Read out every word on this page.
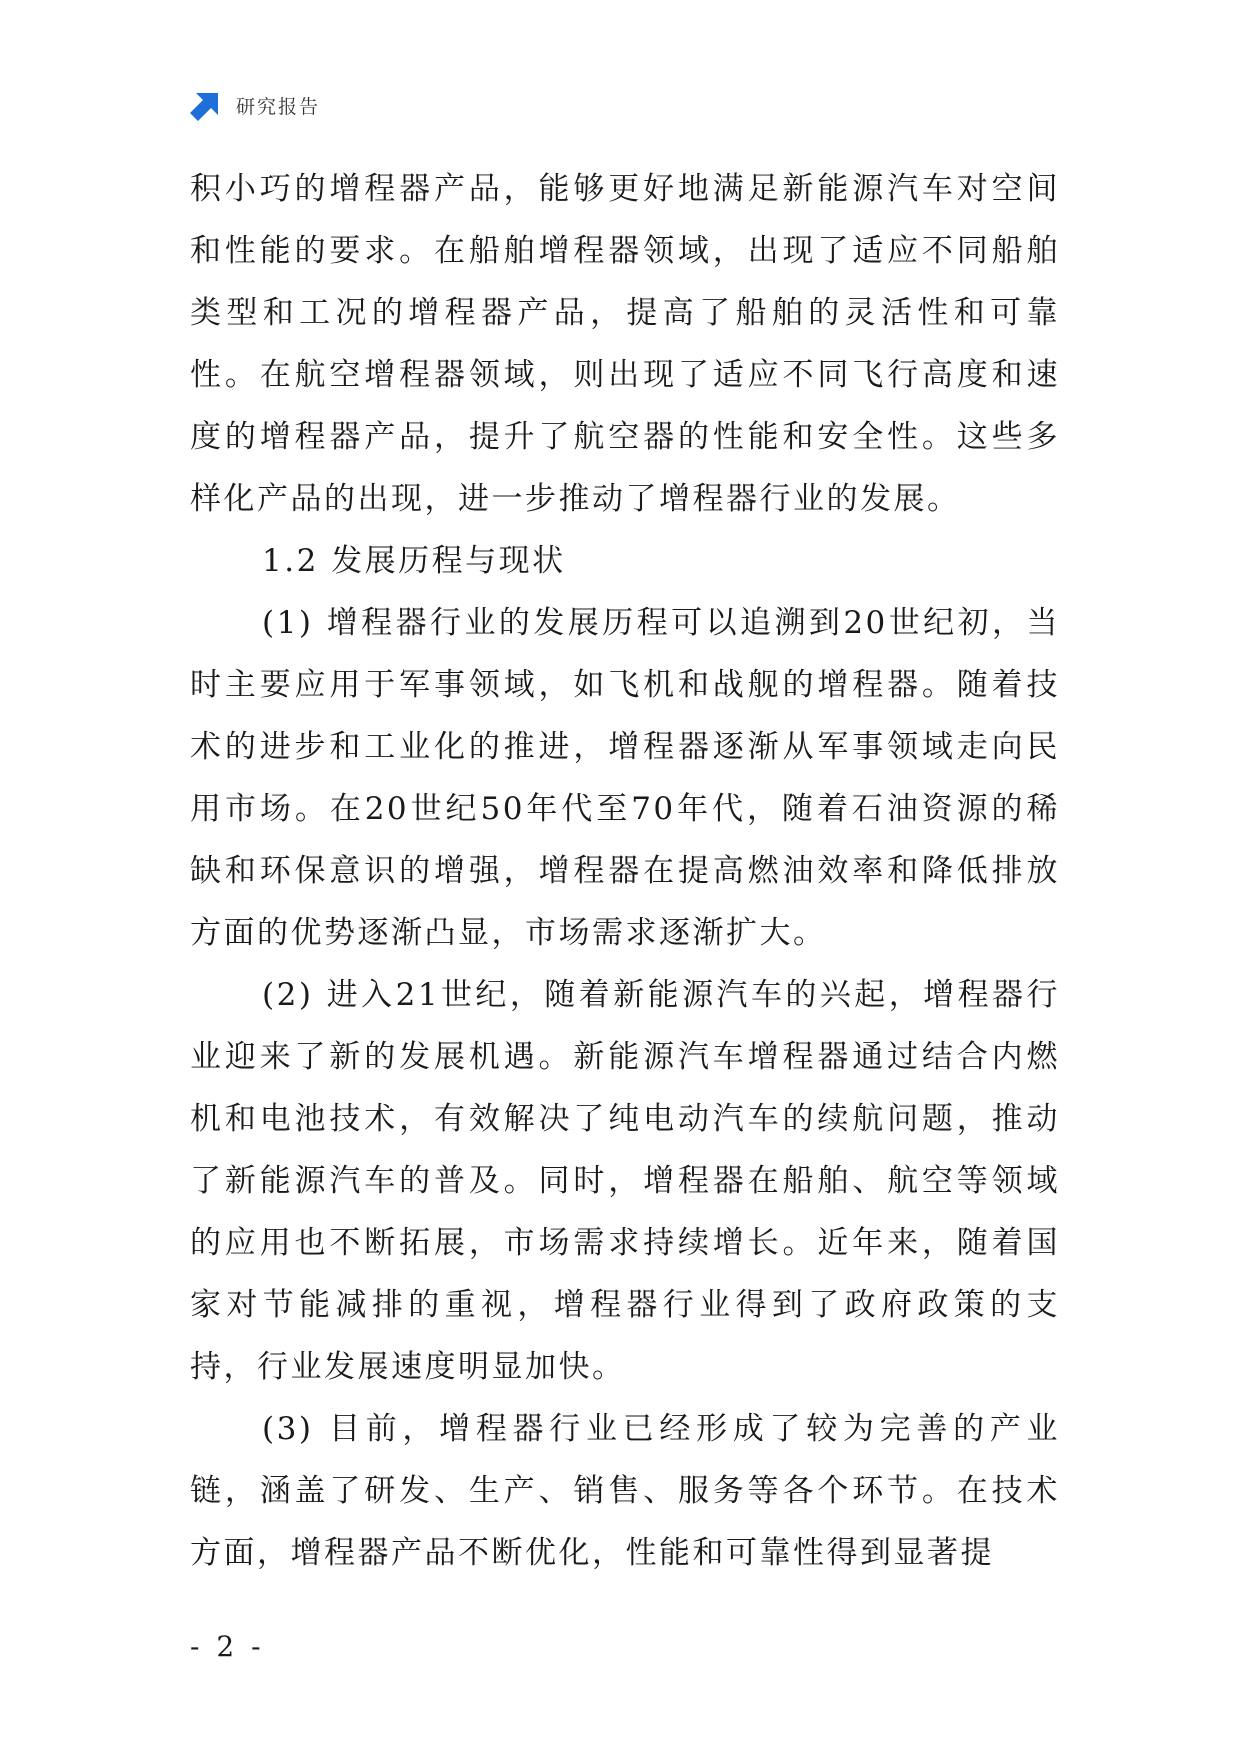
研究报告

积小巧的增程器产品，能够更好地满足新能源汽车对空间和性能的要求。在船舶增程器领域，出现了适应不同船舶类型和工况的增程器产品，提高了船舶的灵活性和可靠性。在航空增程器领域，则出现了适应不同飞行高度和速度的增程器产品，提升了航空器的性能和安全性。这些多样化产品的出现，进一步推动了增程器行业的发展。

1.2 发展历程与现状

(1) 增程器行业的发展历程可以追溯到20世纪初，当时主要应用于军事领域，如飞机和战舰的增程器。随着技术的进步和工业化的推进，增程器逐渐从军事领域走向民用市场。在20世纪50年代至70年代，随着石油资源的稀缺和环保意识的增强，增程器在提高燃油效率和降低排放方面的优势逐渐凸显，市场需求逐渐扩大。

(2) 进入21世纪，随着新能源汽车的兴起，增程器行业迎来了新的发展机遇。新能源汽车增程器通过结合内燃机和电池技术，有效解决了纯电动汽车的续航问题，推动了新能源汽车的普及。同时，增程器在船舶、航空等领域的应用也不断拓展，市场需求持续增长。近年来，随着国家对节能减排的重视，增程器行业得到了政府政策的支持，行业发展速度明显加快。

(3) 目前，增程器行业已经形成了较为完善的产业链，涵盖了研发、生产、销售、服务等各个环节。在技术方面，增程器产品不断优化，性能和可靠性得到显著提

- 2 -
